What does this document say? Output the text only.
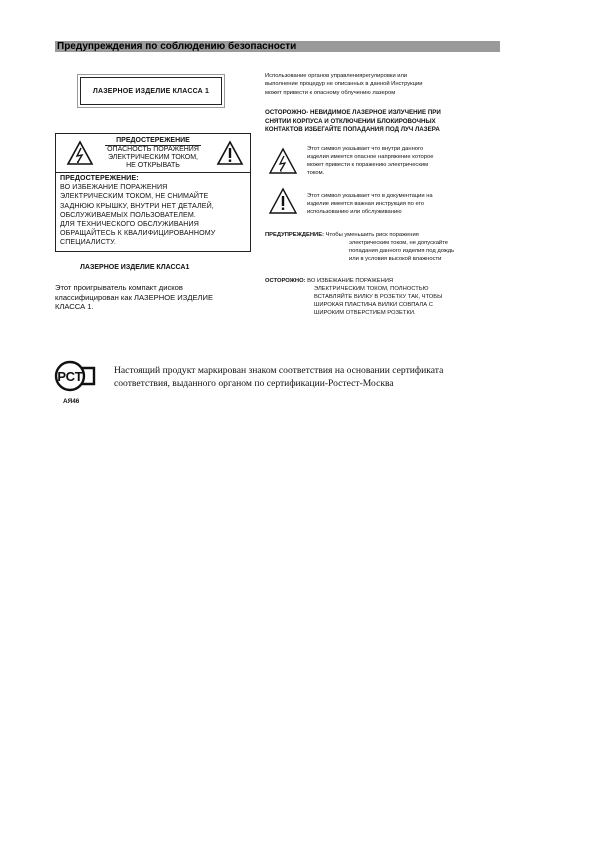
Предупреждения по соблюдению безопасности
ЛАЗЕРНОЕ ИЗДЕЛИЕ КЛАССА 1
ПРЕДОСТЕРЕЖЕНИЕ
ОПАСНОСТЬ ПОРАЖЕНИЯ
ЭЛЕКТРИЧЕСКИМ ТОКОМ,
НЕ ОТКРЫВАТЬ
ПРЕДОСТЕРЕЖЕНИЕ:
ВО ИЗБЕЖАНИЕ ПОРАЖЕНИЯ
ЭЛЕКТРИЧЕСКИМ ТОКОМ, НЕ СНИМАЙТЕ
ЗАДНЮЮ КРЫШКУ, ВНУТРИ НЕТ ДЕТАЛЕЙ,
ОБСЛУЖИВАЕМЫХ ПОЛЬЗОВАТЕЛЕМ.
ДЛЯ ТЕХНИЧЕСКОГО ОБСЛУЖИВАНИЯ
ОБРАЩАЙТЕСЬ К КВАЛИФИЦИРОВАННОМУ
СПЕЦИАЛИСТУ.
ЛАЗЕРНОЕ ИЗДЕЛИЕ КЛАССА1
Этот проигрыватель компакт дисков
классифицирован как ЛАЗЕРНОЕ ИЗДЕЛИЕ
КЛАССА 1.
Использование органов управлениярегулировки или
выполнение процедур не описанных в данной Инструкции
может привести к опасному облучению лазером
ОСТОРОЖНО- НЕВИДИМОЕ ЛАЗЕРНОЕ ИЗЛУЧЕНИЕ ПРИ
СНЯТИИ КОРПУСА И ОТКЛЮЧЕНИИ БЛОКИРОВОЧНЫХ
КОНТАКТОВ ИЗБЕГАЙТЕ ПОПАДАНИЯ ПОД ЛУЧ ЛАЗЕРА
Этот символ указывает что внутри данного
изделия имеется опасное напряжение которое
может привести к поражению электрическим
током.
Этот символ указывает что в документации на
изделие имеется важная инструкция по его
использованию или обслуживанию
ПРЕДУПРЕЖДЕНИЕ: Чтобы уменьшить риск поражения
электрическим током, не допускайте
попадания данного изделия под дождь
или в условия высокой влажности
ОСТОРОЖНО: ВО ИЗБЕЖАНИЕ ПОРАЖЕНИЯ
ЭЛЕКТРИЧЕСКИМ ТОКОМ, ПОЛНОСТЬЮ
ВСТАВЛЯЙТЕ ВИЛКУ В РОЗЕТКУ ТАК, ЧТОБЫ
ШИРОКАЯ ПЛАСТИНА ВИЛКИ СОВПАЛА С
ШИРОКИМ ОТВЕРСТИЕМ РОЗЕТКИ.
РСТ
АЯ46
Настоящий продукт маркирован знаком соответствия на основании сертификата
соответствия, выданного органом по сертификации-Ростест-Москва
